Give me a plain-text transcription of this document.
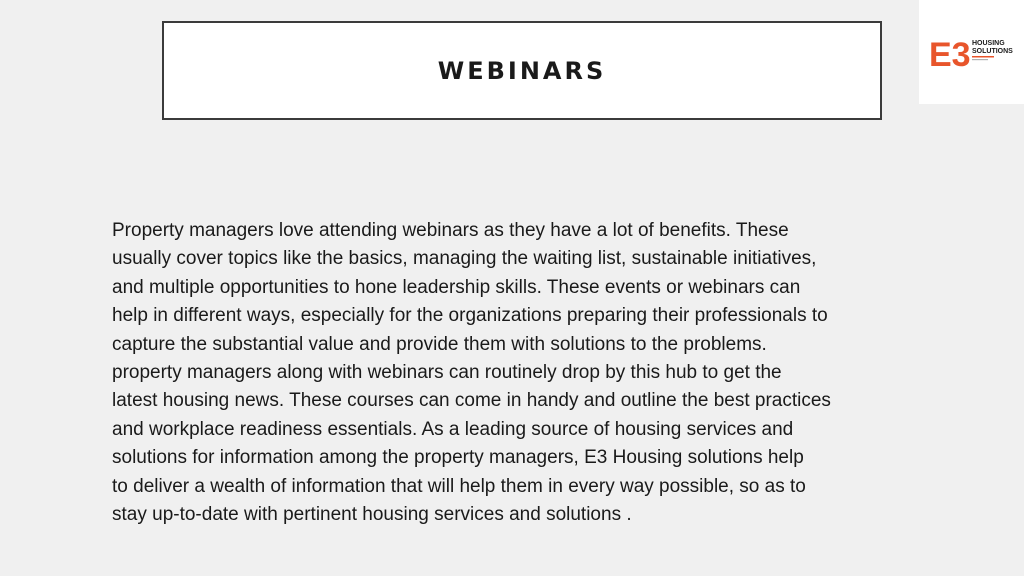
WEBINARS	E3 HOUSING
SOLUTIONS

Property managers love attending webinars as they have a lot of benefits. These
usually cover topics like the basics, managing the waiting list, sustainable initiatives,
and multiple opportunities to hone leadership skills. These events or webinars can
help in different ways, especially for the organizations preparing their professionals to
capture the substantial value and provide them with solutions to the problems.
property managers along with webinars can routinely drop by this hub to get the
latest housing news. These courses can come in handy and outline the best practices
and workplace readiness essentials. As a leading source of housing services and
solutions for information among the property managers, E3 Housing solutions help
to deliver a wealth of information that will help them in every way possible, so as to
stay up-to-date with pertinent housing services and solutions .
